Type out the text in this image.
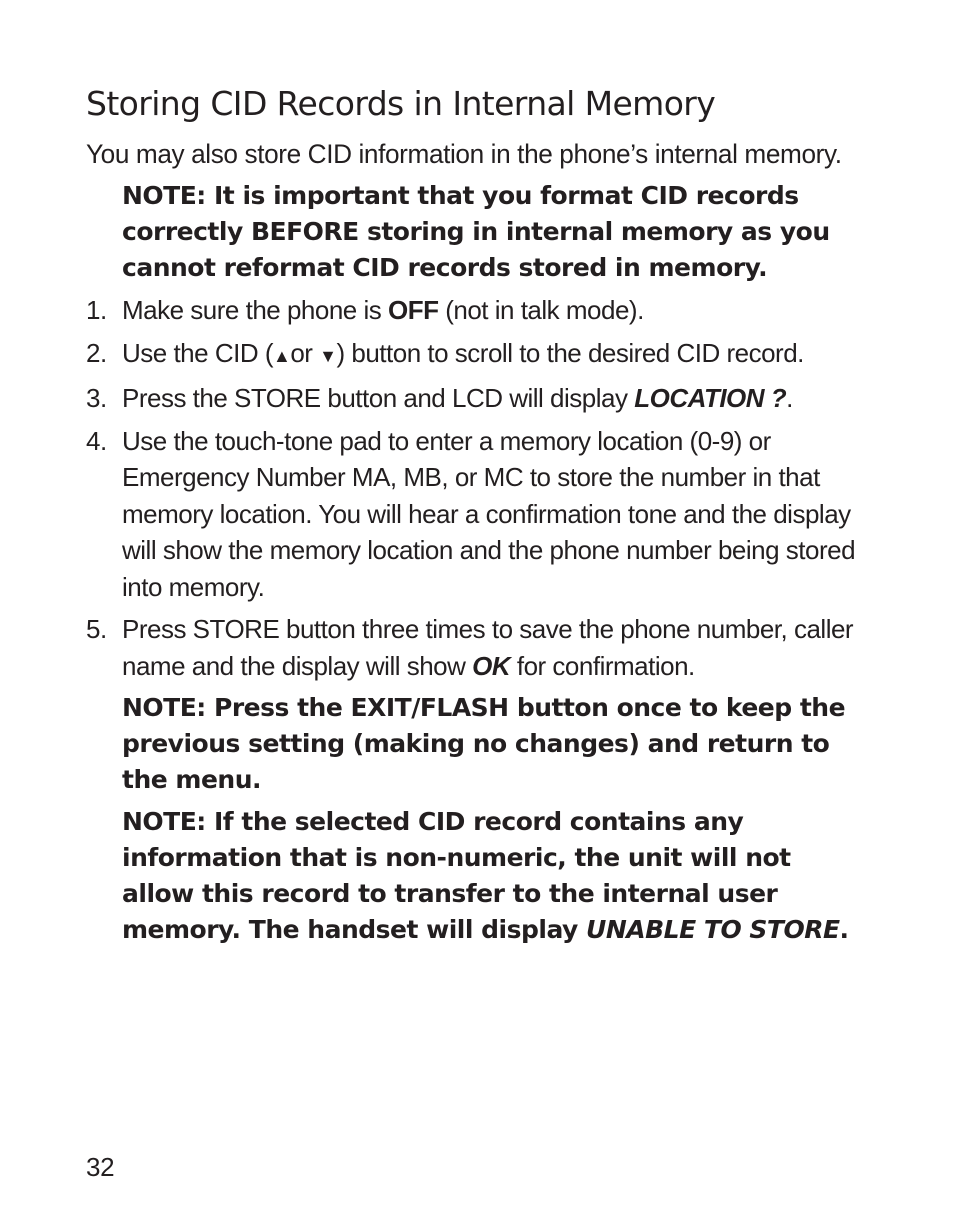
Storing CID Records in Internal Memory

You may also store CID information in the phone’s internal memory.

NOTE: It is important that you format CID records correctly BEFORE storing in internal memory as you cannot reformat CID records stored in memory.

1. Make sure the phone is OFF (not in talk mode).
2. Use the CID (▲or ▼) button to scroll to the desired CID record.
3. Press the STORE button and LCD will display LOCATION ?.
4. Use the touch-tone pad to enter a memory location (0-9) or Emergency Number MA, MB, or MC to store the number in that memory location. You will hear a confirmation tone and the display will show the memory location and the phone number being stored into memory.
5. Press STORE button three times to save the phone number, caller name and the display will show OK for confirmation.

NOTE: Press the EXIT/FLASH button once to keep the previous setting (making no changes) and return to the menu.

NOTE: If the selected CID record contains any information that is non-numeric, the unit will not allow this record to transfer to the internal user memory. The handset will display UNABLE TO STORE.

32
